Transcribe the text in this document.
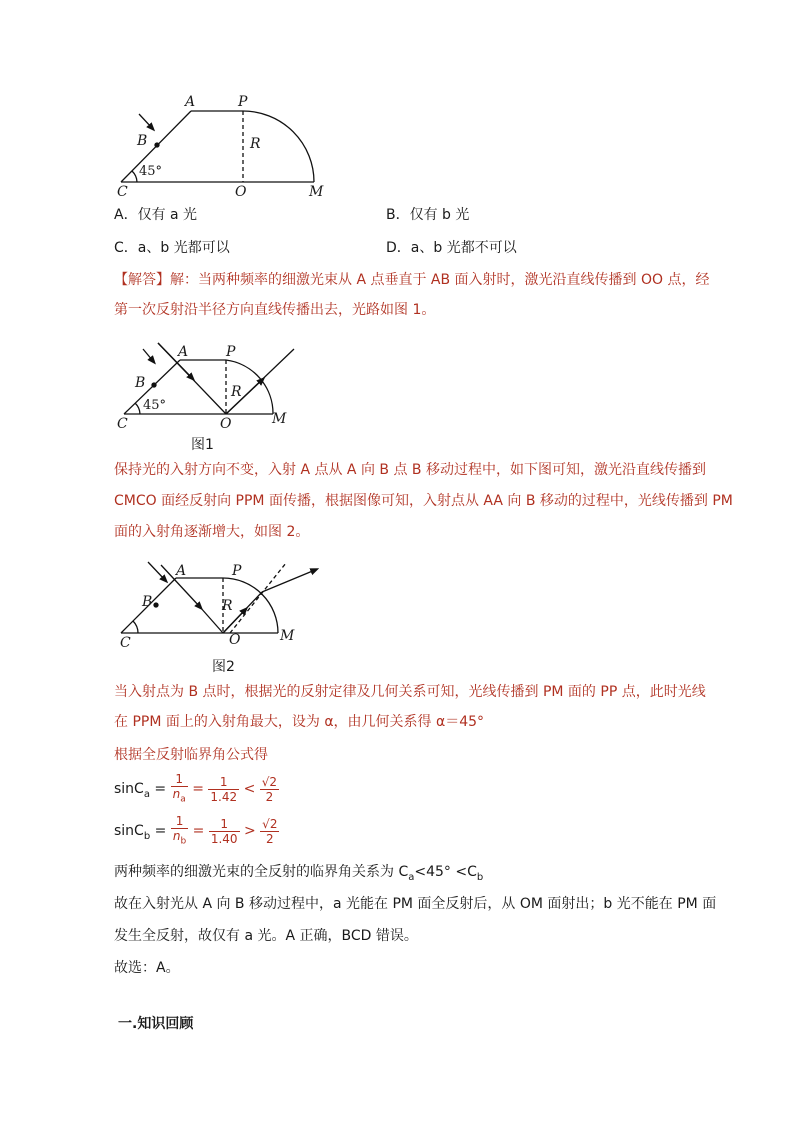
A	P
B	R
45°
C	O	M
A．仅有 a 光	B．仅有 b 光
C．a、b 光都可以	D．a、b 光都不可以
【解答】解：当两种频率的细激光束从 A 点垂直于 AB 面入射时，激光沿直线传播到 OO 点，经
第一次反射沿半径方向直线传播出去，光路如图 1。
A	P
B
R
45°
C	O	M
图1
保持光的入射方向不变，入射 A 点从 A 向 B 点 B 移动过程中，如下图可知，激光沿直线传播到
CMCO 面经反射向 PPM 面传播，根据图像可知，入射点从 AA 向 B 移动的过程中，光线传播到 PM
面的入射角逐渐增大，如图 2。
A	P
B	R
C	O	M
图2
当入射点为 B 点时，根据光的反射定律及几何关系可知，光线传播到 PM 面的 PP 点，此时光线
在 PPM 面上的入射角最大，设为 α，由几何关系得 α＝45°
根据全反射临界角公式得
$\sin C_a = \frac{1}{n_a} = \frac{1}{1.42} < \frac{√2}{2}$
$\sin C_b = \frac{1}{n_b} = \frac{1}{1.40} > \frac{√2}{2}$
两种频率的细激光束的全反射的临界角关系为 $C_a<45^\circ <C_b$
故在入射光从 A 向 B 移动过程中，a 光能在 PM 面全反射后，从 OM 面射出；b 光不能在 PM 面
发生全反射，故仅有 a 光。A 正确，BCD 错误。
故选：A。
一.知识回顾
